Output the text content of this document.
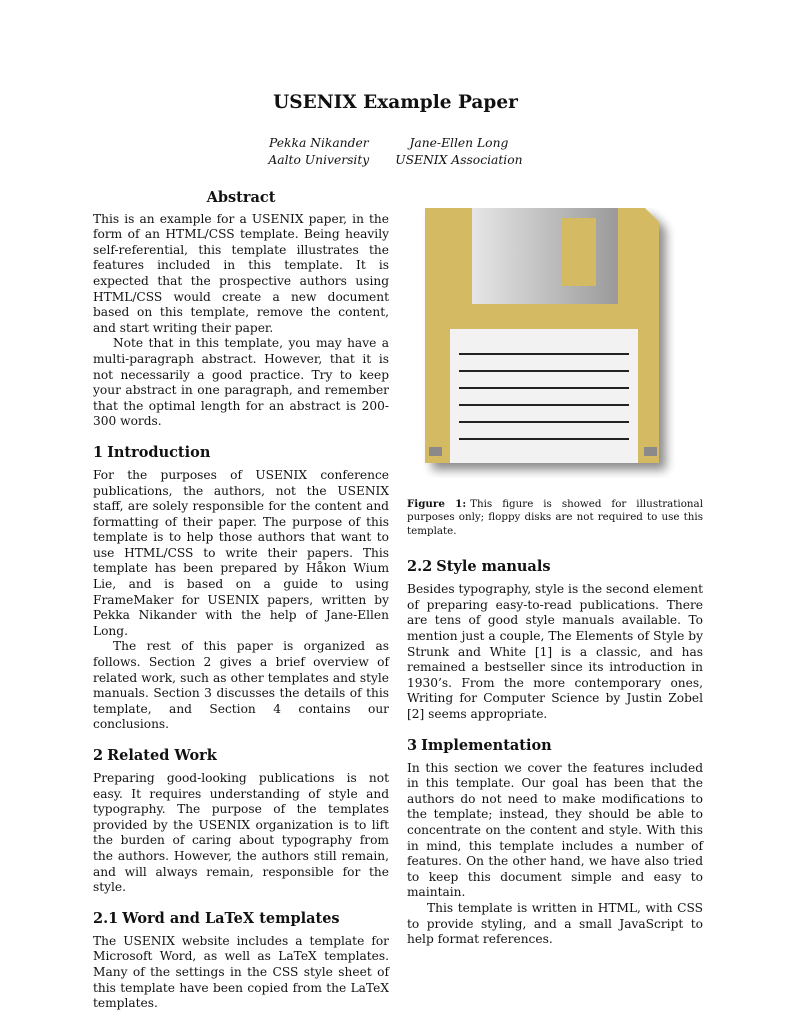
USENIX Example Paper
Pekka Nikander
Aalto University
Jane-Ellen Long
USENIX Association
Abstract

This is an example for a USENIX paper, in the form of an HTML/CSS template. Being heavily self-referential, this template illustrates the features included in this template. It is expected that the prospective authors using HTML/CSS would create a new document based on this template, remove the content, and start writing their paper.

Note that in this template, you may have a multi-paragraph abstract. However, that it is not necessarily a good practice. Try to keep your abstract in one paragraph, and remember that the optimal length for an abstract is 200-300 words.

1 Introduction

For the purposes of USENIX conference publications, the authors, not the USENIX staff, are solely responsible for the content and formatting of their paper. The purpose of this template is to help those authors that want to use HTML/CSS to write their papers. This template has been prepared by Håkon Wium Lie, and is based on a guide to using FrameMaker for USENIX papers, written by Pekka Nikander with the help of Jane-Ellen Long.

The rest of this paper is organized as follows. Section 2 gives a brief overview of related work, such as other templates and style manuals. Section 3 discusses the details of this template, and Section 4 contains our conclusions.

2 Related Work

Preparing good-looking publications is not easy. It requires understanding of style and typography. The purpose of the templates provided by the USENIX organization is to lift the burden of caring about typography from the authors. However, the authors still remain, and will always remain, responsible for the style.

2.1 Word and LaTeX templates

The USENIX website includes a template for Microsoft Word, as well as LaTeX templates. Many of the settings in the CSS style sheet of this template have been copied from the LaTeX templates.

Figure 1: This figure is showed for illustrational purposes only; floppy disks are not required to use this template.
2.2 Style manuals

Besides typography, style is the second element of preparing easy-to-read publications. There are tens of good style manuals available. To mention just a couple, The Elements of Style by Strunk and White [1] is a classic, and has remained a bestseller since its introduction in 1930’s. From the more contemporary ones, Writing for Computer Science by Justin Zobel [2] seems appropriate.

3 Implementation

In this section we cover the features included in this template. Our goal has been that the authors do not need to make modifications to the template; instead, they should be able to concentrate on the content and style. With this in mind, this template includes a number of features. On the other hand, we have also tried to keep this document simple and easy to maintain.

This template is written in HTML, with CSS to provide styling, and a small JavaScript to help format references.
